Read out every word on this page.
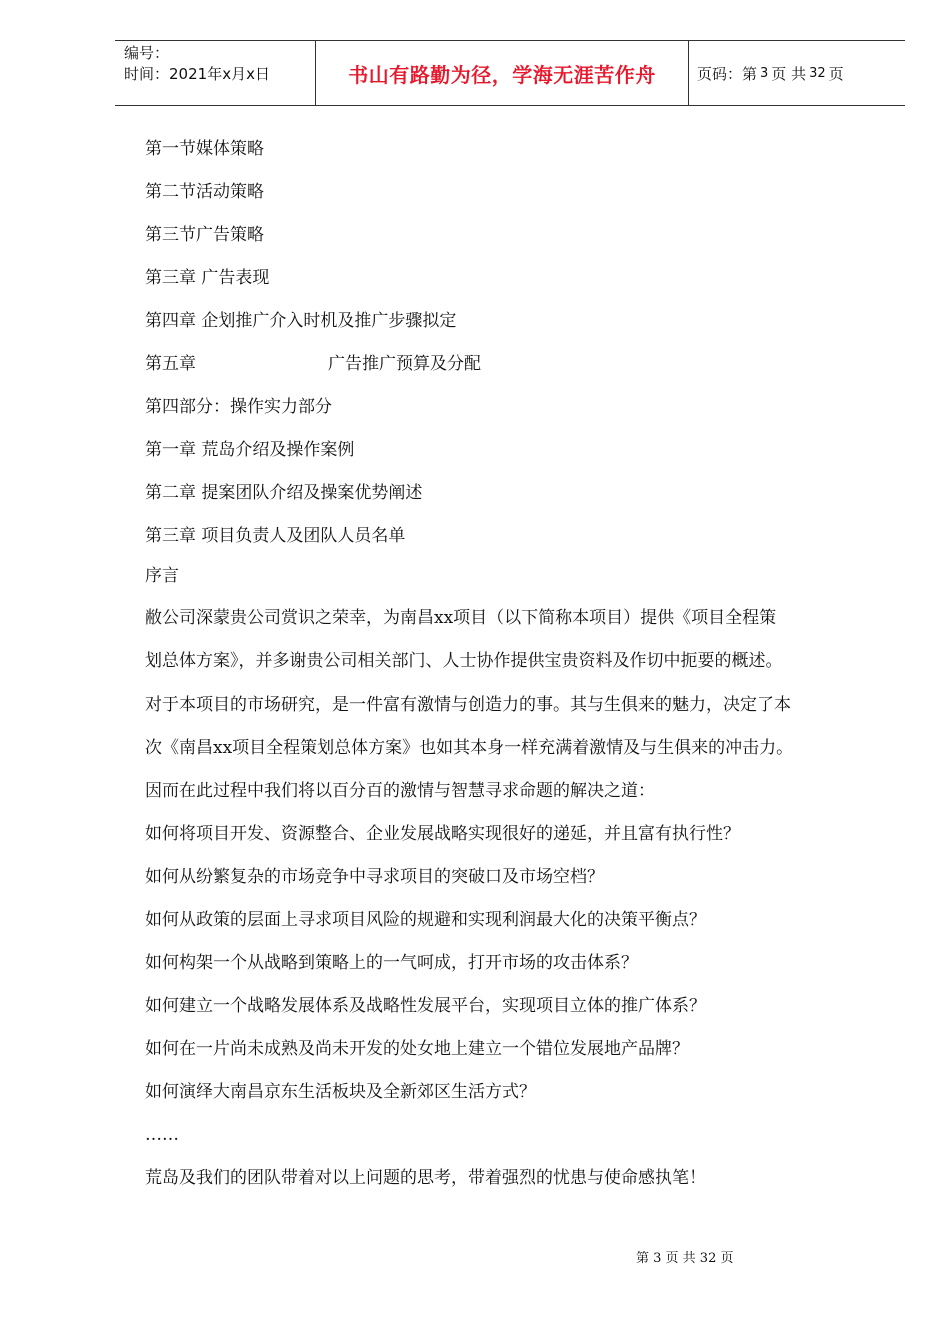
编号：
时间：2021年x月x日	书山有路勤为径，学海无涯苦作舟	页码：第 3 页 共 32 页
第一节媒体策略
第二节活动策略
第三节广告策略
第三章 广告表现
第四章 企划推广介入时机及推广步骤拟定
第五章	广告推广预算及分配
第四部分：操作实力部分
第一章 荒岛介绍及操作案例
第二章 提案团队介绍及操案优势阐述
第三章 项目负责人及团队人员名单
序言
敝公司深蒙贵公司赏识之荣幸，为南昌xx项目（以下简称本项目）提供《项目全程策
划总体方案》，并多谢贵公司相关部门、人士协作提供宝贵资料及作切中扼要的概述。
对于本项目的市场研究，是一件富有激情与创造力的事。其与生俱来的魅力，决定了本
次《南昌xx项目全程策划总体方案》也如其本身一样充满着激情及与生俱来的冲击力。
因而在此过程中我们将以百分百的激情与智慧寻求命题的解决之道：
如何将项目开发、资源整合、企业发展战略实现很好的递延，并且富有执行性？
如何从纷繁复杂的市场竞争中寻求项目的突破口及市场空档？
如何从政策的层面上寻求项目风险的规避和实现利润最大化的决策平衡点？
如何构架一个从战略到策略上的一气呵成，打开市场的攻击体系？
如何建立一个战略发展体系及战略性发展平台，实现项目立体的推广体系？
如何在一片尚未成熟及尚未开发的处女地上建立一个错位发展地产品牌？
如何演绎大南昌京东生活板块及全新郊区生活方式？
……
荒岛及我们的团队带着对以上问题的思考，带着强烈的忧患与使命感执笔！
第 3 页 共 32 页
